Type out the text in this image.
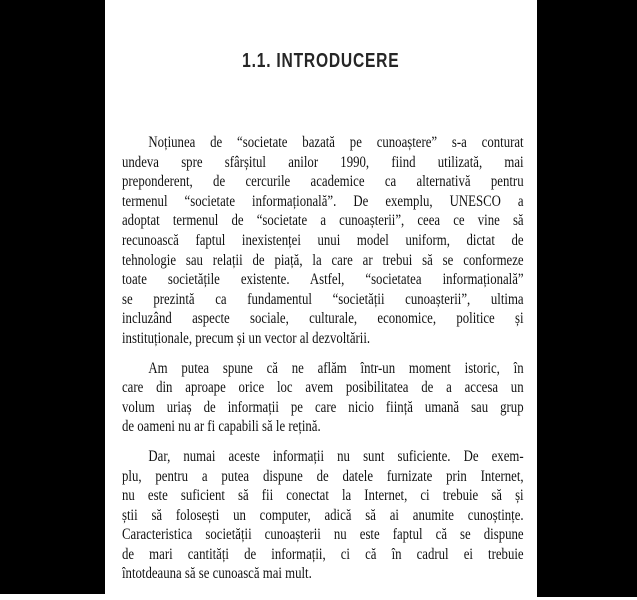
1.1. INTRODUCERE
Noțiunea de “societate bazată pe cunoaștere” s-a conturat
undeva spre sfârșitul anilor 1990, fiind utilizată, mai
preponderent, de cercurile academice ca alternativă pentru
termenul “societate informațională”. De exemplu, UNESCO a
adoptat termenul de “societate a cunoașterii”, ceea ce vine să
recunoască faptul inexistenței unui model uniform, dictat de
tehnologie sau relații de piață, la care ar trebui să se conformeze
toate societățile existente. Astfel, “societatea informațională”
se prezintă ca fundamentul “societății cunoașterii”, ultima
incluzând aspecte sociale, culturale, economice, politice și
instituționale, precum și un vector al dezvoltării.
Am putea spune că ne aflăm într-un moment istoric, în
care din aproape orice loc avem posibilitatea de a accesa un
volum uriaș de informații pe care nicio ființă umană sau grup
de oameni nu ar fi capabili să le rețină.
Dar, numai aceste informații nu sunt suficiente. De exem-
plu, pentru a putea dispune de datele furnizate prin Internet,
nu este suficient să fii conectat la Internet, ci trebuie să și
știi să folosești un computer, adică să ai anumite cunoștințe.
Caracteristica societății cunoașterii nu este faptul că se dispune
de mari cantități de informații, ci că în cadrul ei trebuie
întotdeauna să se cunoască mai mult.
